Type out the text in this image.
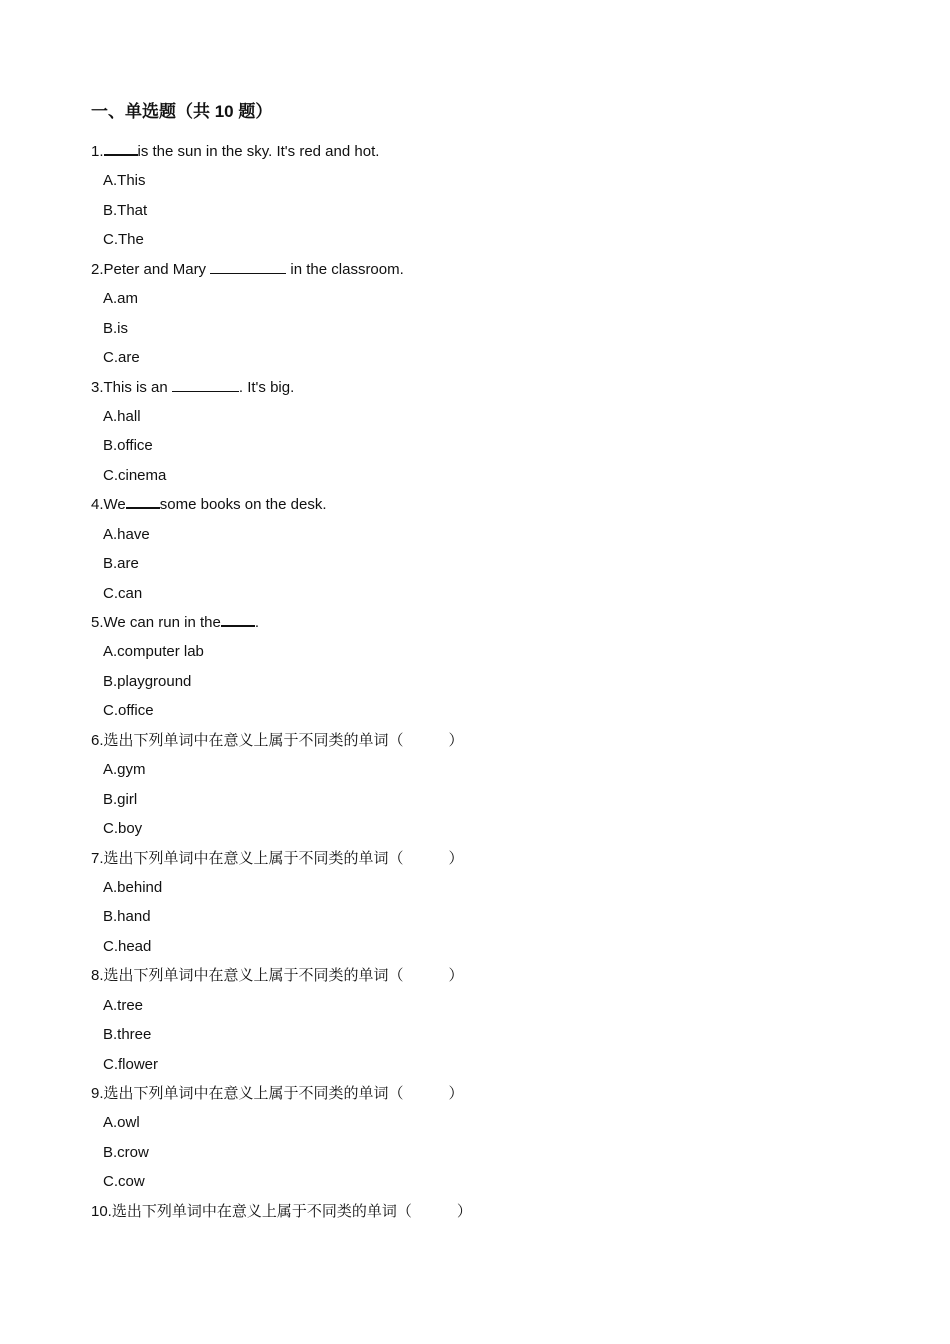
一、单选题（共 10 题）
1. is the sun in the sky. It's red and hot.
A.This
B.That
C.The
2.Peter and Mary	in the classroom.
A.am
B.is
C.are
3.This is an	. It's big.
A.hall
B.office
C.cinema
4.We some books on the desk.
A.have
B.are
C.can
5.We can run in the .
A.computer lab
B.playground
C.office
6.选出下列单词中在意义上属于不同类的单词（　　　）
A.gym
B.girl
C.boy
7.选出下列单词中在意义上属于不同类的单词（　　　）
A.behind
B.hand
C.head
8.选出下列单词中在意义上属于不同类的单词（　　　）
A.tree
B.three
C.flower
9.选出下列单词中在意义上属于不同类的单词（　　　）
A.owl
B.crow
C.cow
10.选出下列单词中在意义上属于不同类的单词（　　　）
